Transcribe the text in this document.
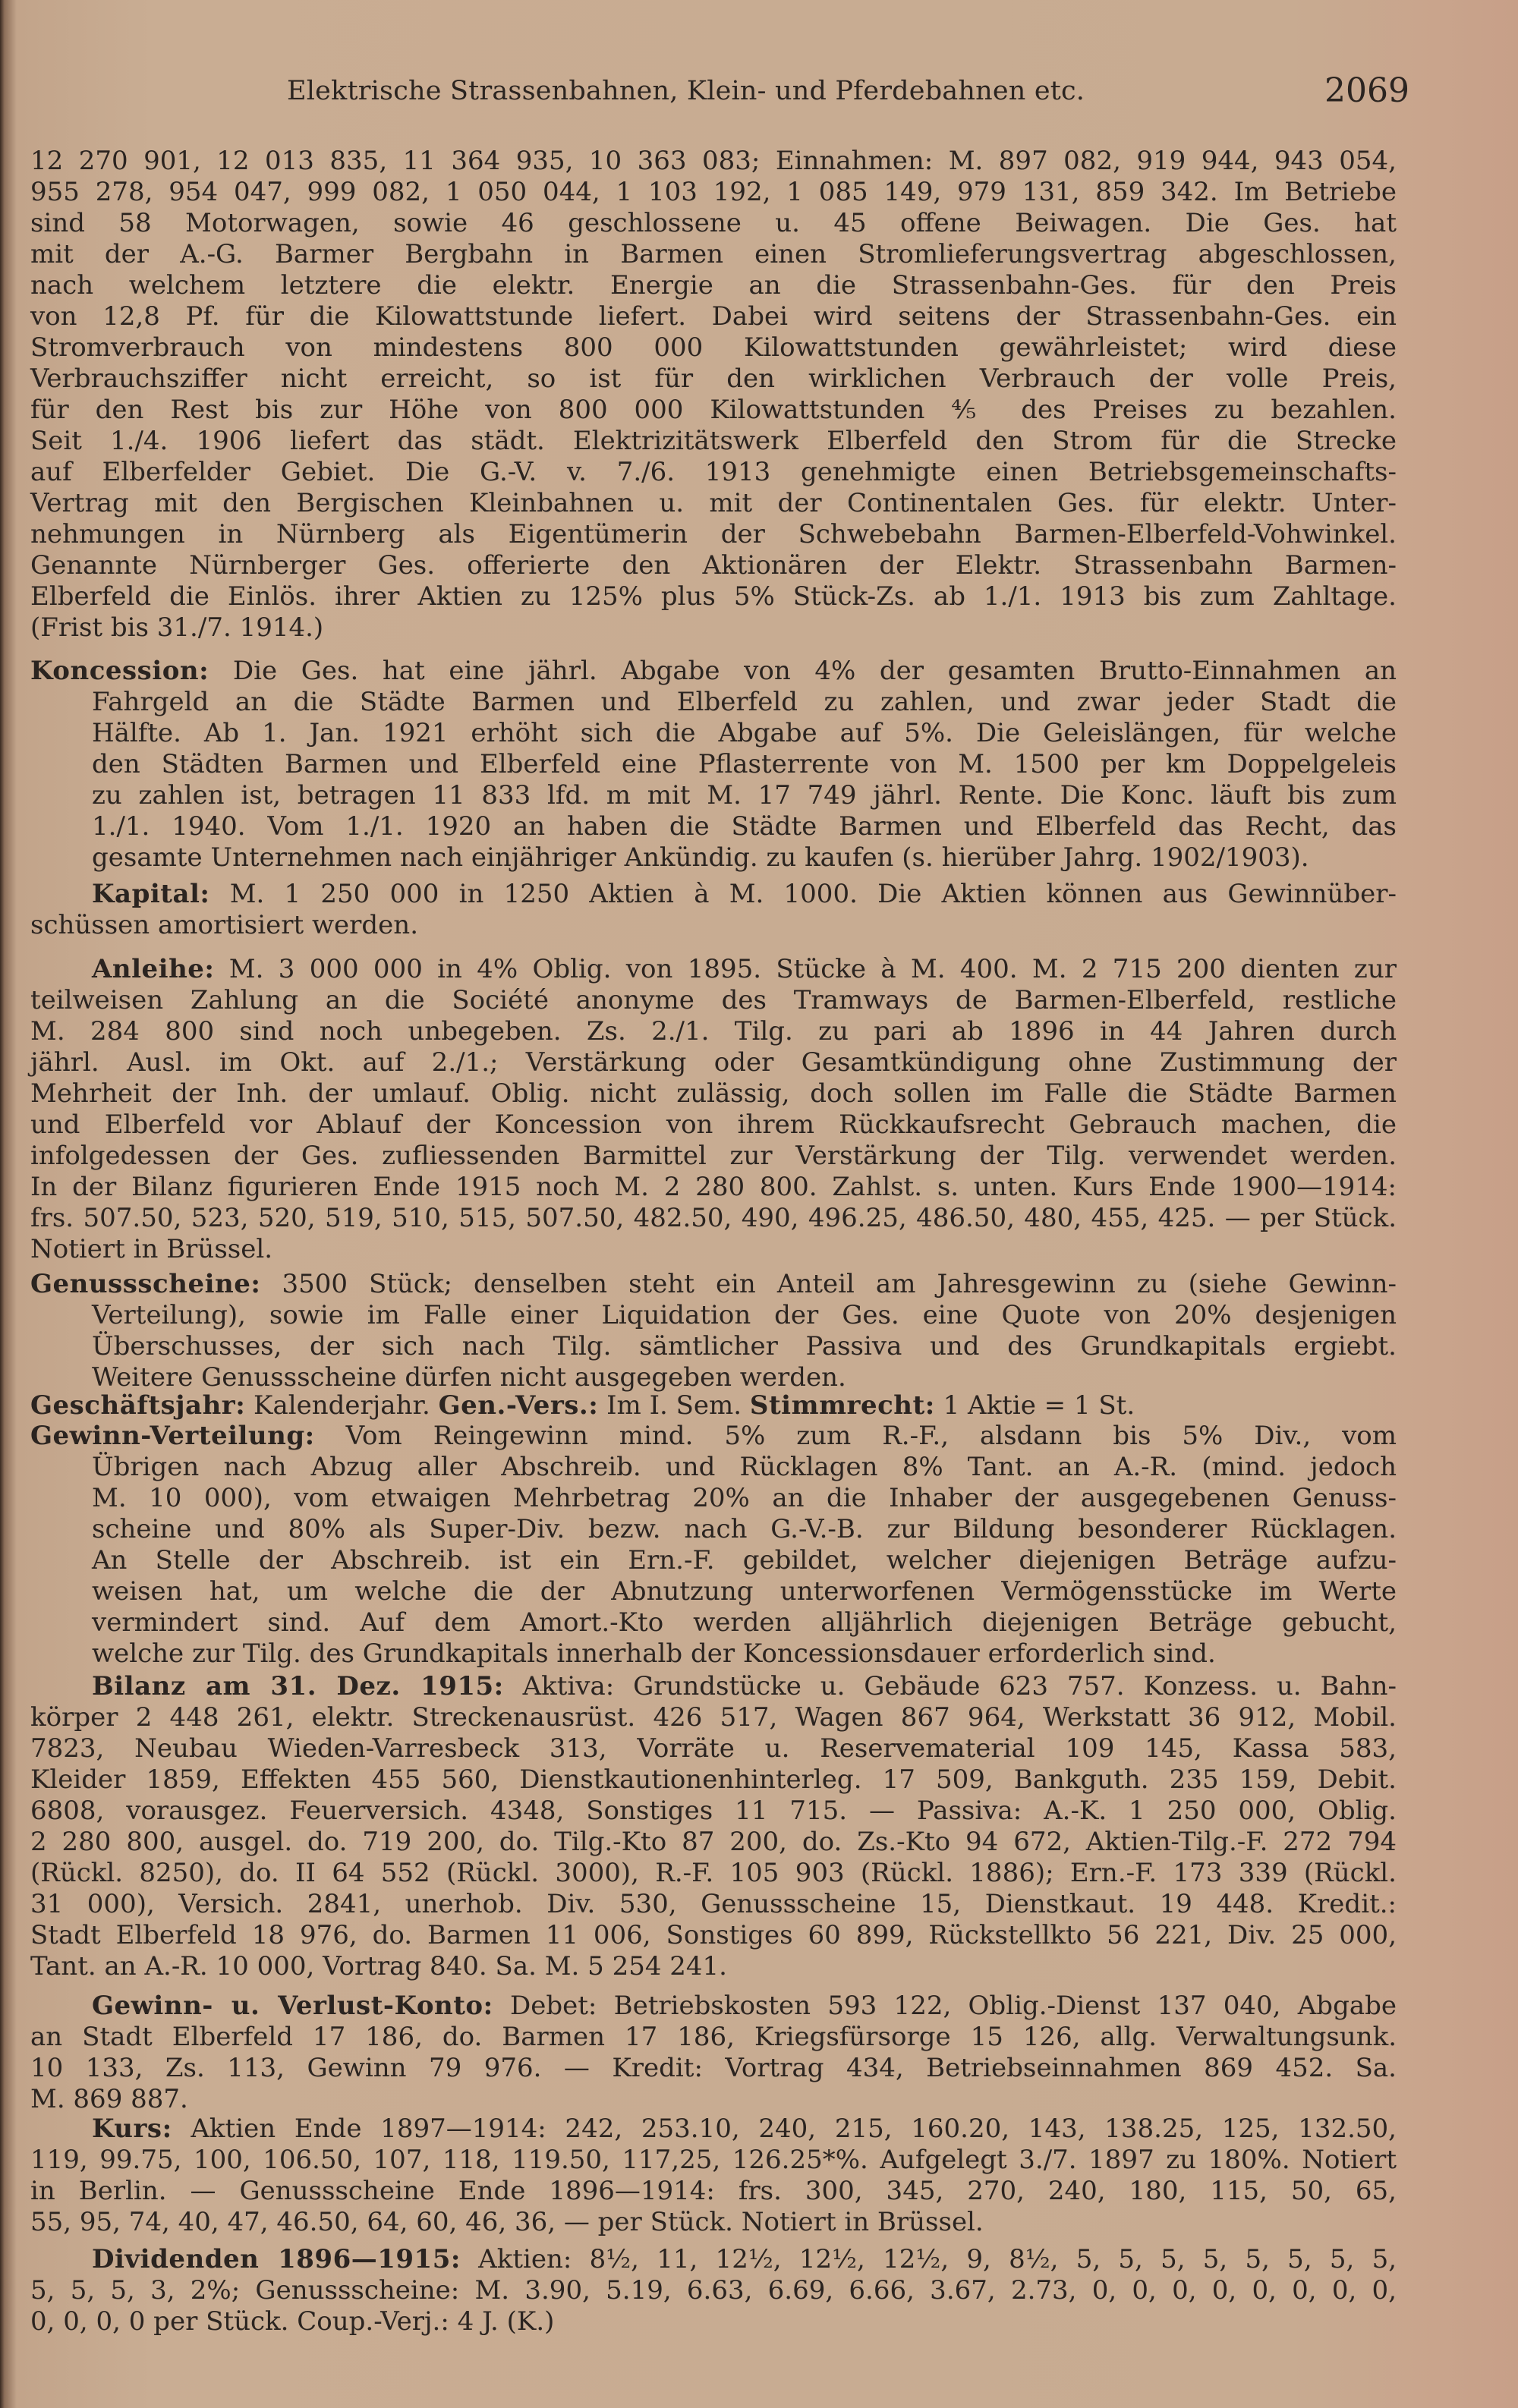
Elektrische Strassenbahnen, Klein- und Pferdebahnen etc.	2069
12 270 901, 12 013 835, 11 364 935, 10 363 083; Einnahmen: M. 897 082, 919 944, 943 054,
955 278, 954 047, 999 082, 1 050 044, 1 103 192, 1 085 149, 979 131, 859 342. Im Betriebe
sind 58 Motorwagen, sowie 46 geschlossene u. 45 offene Beiwagen. Die Ges. hat
mit der A.-G. Barmer Bergbahn in Barmen einen Stromlieferungsvertrag abgeschlossen,
nach welchem letztere die elektr. Energie an die Strassenbahn-Ges. für den Preis
von 12,8 Pf. für die Kilowattstunde liefert. Dabei wird seitens der Strassenbahn-Ges. ein
Stromverbrauch von mindestens 800 000 Kilowattstunden gewährleistet; wird diese
Verbrauchsziffer nicht erreicht, so ist für den wirklichen Verbrauch der volle Preis,
für den Rest bis zur Höhe von 800 000 Kilowattstunden ⅘ des Preises zu bezahlen.
Seit 1./4. 1906 liefert das städt. Elektrizitätswerk Elberfeld den Strom für die Strecke
auf Elberfelder Gebiet. Die G.-V. v. 7./6. 1913 genehmigte einen Betriebsgemeinschafts-
Vertrag mit den Bergischen Kleinbahnen u. mit der Continentalen Ges. für elektr. Unter-
nehmungen in Nürnberg als Eigentümerin der Schwebebahn Barmen-Elberfeld-Vohwinkel.
Genannte Nürnberger Ges. offerierte den Aktionären der Elektr. Strassenbahn Barmen-
Elberfeld die Einlös. ihrer Aktien zu 125% plus 5% Stück-Zs. ab 1./1. 1913 bis zum Zahltage.
(Frist bis 31./7. 1914.)
Koncession: Die Ges. hat eine jährl. Abgabe von 4% der gesamten Brutto-Einnahmen an
Fahrgeld an die Städte Barmen und Elberfeld zu zahlen, und zwar jeder Stadt die
Hälfte. Ab 1. Jan. 1921 erhöht sich die Abgabe auf 5%. Die Geleislängen, für welche
den Städten Barmen und Elberfeld eine Pflasterrente von M. 1500 per km Doppelgeleis
zu zahlen ist, betragen 11 833 lfd. m mit M. 17 749 jährl. Rente. Die Konc. läuft bis zum
1./1. 1940. Vom 1./1. 1920 an haben die Städte Barmen und Elberfeld das Recht, das
gesamte Unternehmen nach einjähriger Ankündig. zu kaufen (s. hierüber Jahrg. 1902/1903).
Kapital: M. 1 250 000 in 1250 Aktien à M. 1000. Die Aktien können aus Gewinnüber-
schüssen amortisiert werden.
Anleihe: M. 3 000 000 in 4% Oblig. von 1895. Stücke à M. 400. M. 2 715 200 dienten zur
teilweisen Zahlung an die Société anonyme des Tramways de Barmen-Elberfeld, restliche
M. 284 800 sind noch unbegeben. Zs. 2./1. Tilg. zu pari ab 1896 in 44 Jahren durch
jährl. Ausl. im Okt. auf 2./1.; Verstärkung oder Gesamtkündigung ohne Zustimmung der
Mehrheit der Inh. der umlauf. Oblig. nicht zulässig, doch sollen im Falle die Städte Barmen
und Elberfeld vor Ablauf der Koncession von ihrem Rückkaufsrecht Gebrauch machen, die
infolgedessen der Ges. zufliessenden Barmittel zur Verstärkung der Tilg. verwendet werden.
In der Bilanz figurieren Ende 1915 noch M. 2 280 800. Zahlst. s. unten. Kurs Ende 1900—1914:
frs. 507.50, 523, 520, 519, 510, 515, 507.50, 482.50, 490, 496.25, 486.50, 480, 455, 425. — per Stück.
Notiert in Brüssel.
Genussscheine: 3500 Stück; denselben steht ein Anteil am Jahresgewinn zu (siehe Gewinn-
Verteilung), sowie im Falle einer Liquidation der Ges. eine Quote von 20% desjenigen
Überschusses, der sich nach Tilg. sämtlicher Passiva und des Grundkapitals ergiebt.
Weitere Genussscheine dürfen nicht ausgegeben werden.
Geschäftsjahr: Kalenderjahr. Gen.-Vers.: Im I. Sem. Stimmrecht: 1 Aktie = 1 St.
Gewinn-Verteilung: Vom Reingewinn mind. 5% zum R.-F., alsdann bis 5% Div., vom
Übrigen nach Abzug aller Abschreib. und Rücklagen 8% Tant. an A.-R. (mind. jedoch
M. 10 000), vom etwaigen Mehrbetrag 20% an die Inhaber der ausgegebenen Genuss-
scheine und 80% als Super-Div. bezw. nach G.-V.-B. zur Bildung besonderer Rücklagen.
An Stelle der Abschreib. ist ein Ern.-F. gebildet, welcher diejenigen Beträge aufzu-
weisen hat, um welche die der Abnutzung unterworfenen Vermögensstücke im Werte
vermindert sind. Auf dem Amort.-Kto werden alljährlich diejenigen Beträge gebucht,
welche zur Tilg. des Grundkapitals innerhalb der Koncessionsdauer erforderlich sind.
Bilanz am 31. Dez. 1915: Aktiva: Grundstücke u. Gebäude 623 757. Konzess. u. Bahn-
körper 2 448 261, elektr. Streckenausrüst. 426 517, Wagen 867 964, Werkstatt 36 912, Mobil.
7823, Neubau Wieden-Varresbeck 313, Vorräte u. Reservematerial 109 145, Kassa 583,
Kleider 1859, Effekten 455 560, Dienstkautionenhinterleg. 17 509, Bankguth. 235 159, Debit.
6808, vorausgez. Feuerversich. 4348, Sonstiges 11 715. — Passiva: A.-K. 1 250 000, Oblig.
2 280 800, ausgel. do. 719 200, do. Tilg.-Kto 87 200, do. Zs.-Kto 94 672, Aktien-Tilg.-F. 272 794
(Rückl. 8250), do. II 64 552 (Rückl. 3000), R.-F. 105 903 (Rückl. 1886); Ern.-F. 173 339 (Rückl.
31 000), Versich. 2841, unerhob. Div. 530, Genussscheine 15, Dienstkaut. 19 448. Kredit.:
Stadt Elberfeld 18 976, do. Barmen 11 006, Sonstiges 60 899, Rückstellkto 56 221, Div. 25 000,
Tant. an A.-R. 10 000, Vortrag 840. Sa. M. 5 254 241.
Gewinn- u. Verlust-Konto: Debet: Betriebskosten 593 122, Oblig.-Dienst 137 040, Abgabe
an Stadt Elberfeld 17 186, do. Barmen 17 186, Kriegsfürsorge 15 126, allg. Verwaltungsunk.
10 133, Zs. 113, Gewinn 79 976. — Kredit: Vortrag 434, Betriebseinnahmen 869 452. Sa.
M. 869 887.
Kurs: Aktien Ende 1897—1914: 242, 253.10, 240, 215, 160.20, 143, 138.25, 125, 132.50,
119, 99.75, 100, 106.50, 107, 118, 119.50, 117,25, 126.25*%. Aufgelegt 3./7. 1897 zu 180%. Notiert
in Berlin. — Genussscheine Ende 1896—1914: frs. 300, 345, 270, 240, 180, 115, 50, 65,
55, 95, 74, 40, 47, 46.50, 64, 60, 46, 36, — per Stück. Notiert in Brüssel.
Dividenden 1896—1915: Aktien: 8½, 11, 12½, 12½, 12½, 9, 8½, 5, 5, 5, 5, 5, 5, 5, 5,
5, 5, 5, 3, 2%; Genussscheine: M. 3.90, 5.19, 6.63, 6.69, 6.66, 3.67, 2.73, 0, 0, 0, 0, 0, 0, 0, 0,
0, 0, 0, 0 per Stück. Coup.-Verj.: 4 J. (K.)
